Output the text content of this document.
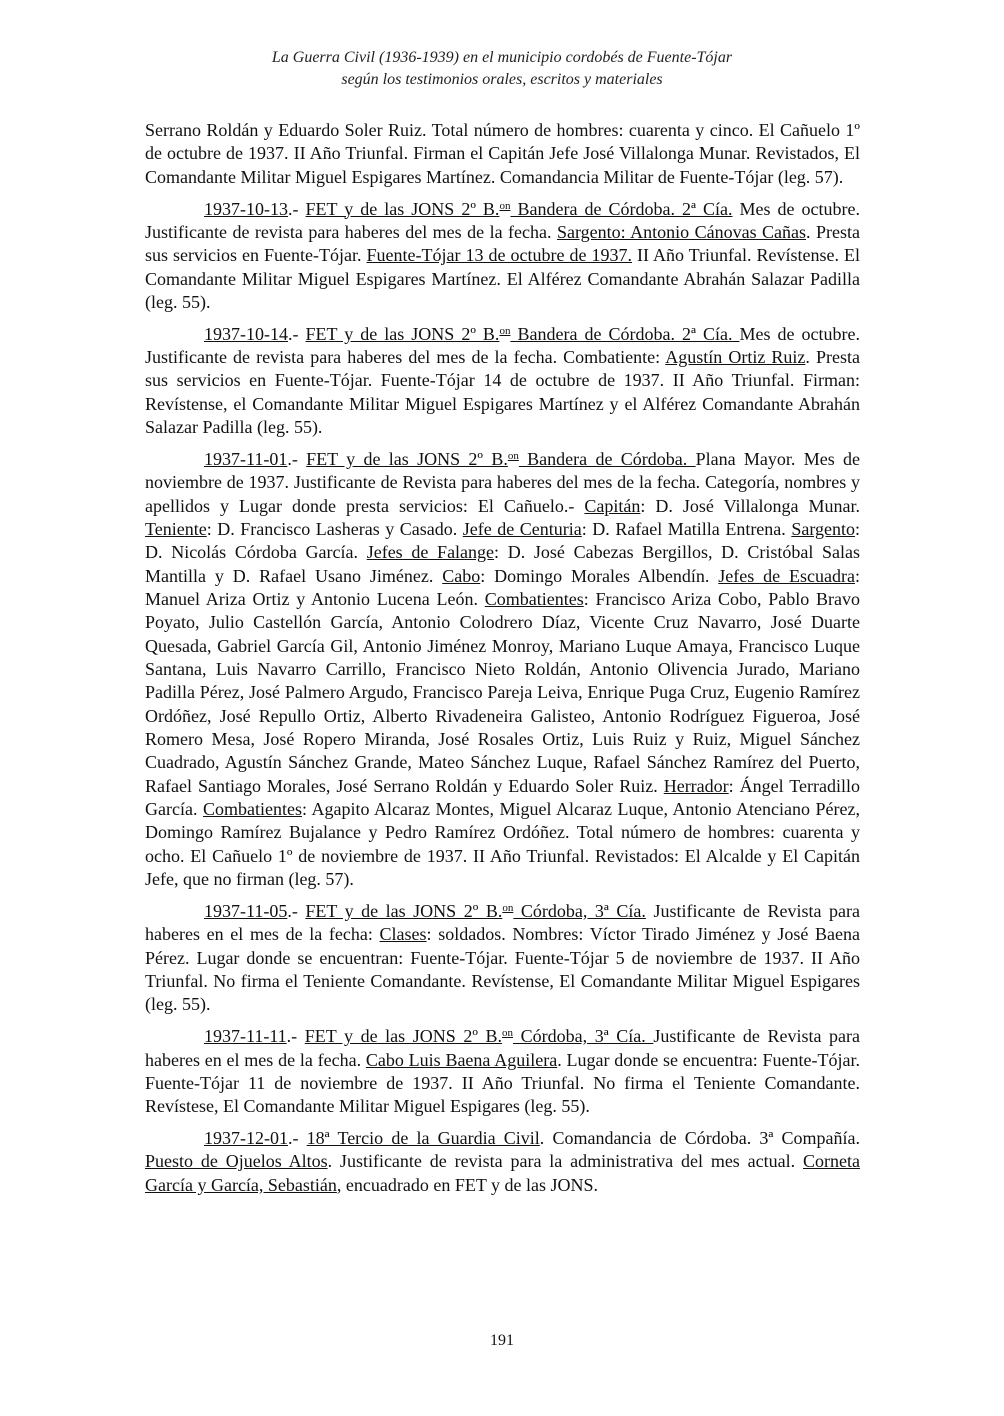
La Guerra Civil (1936-1939) en el municipio cordobés de Fuente-Tójar
según los testimonios orales, escritos y materiales

Serrano Roldán y Eduardo Soler Ruiz. Total número de hombres: cuarenta y cinco. El Cañuelo 1º de octubre de 1937. II Año Triunfal. Firman el Capitán Jefe José Villalonga Munar. Revistados, El Comandante Militar Miguel Espigares Martínez. Comandancia Militar de Fuente-Tójar (leg. 57).

1937-10-13.- FET y de las JONS 2º B.$^{on}$ Bandera de Córdoba. 2ª Cía. Mes de octubre. Justificante de revista para haberes del mes de la fecha. Sargento: Antonio Cánovas Cañas. Presta sus servicios en Fuente-Tójar. Fuente-Tójar 13 de octubre de 1937. II Año Triunfal. Revístense. El Comandante Militar Miguel Espigares Martínez. El Alférez Comandante Abrahán Salazar Padilla (leg. 55).

1937-10-14.- FET y de las JONS 2º B.$^{on}$ Bandera de Córdoba. 2ª Cía. Mes de octubre. Justificante de revista para haberes del mes de la fecha. Combatiente: Agustín Ortiz Ruiz. Presta sus servicios en Fuente-Tójar. Fuente-Tójar 14 de octubre de 1937. II Año Triunfal. Firman: Revístense, el Comandante Militar Miguel Espigares Martínez y el Alférez Comandante Abrahán Salazar Padilla (leg. 55).

1937-11-01.- FET y de las JONS 2º B.$^{on}$ Bandera de Córdoba. Plana Mayor. Mes de noviembre de 1937. Justificante de Revista para haberes del mes de la fecha. Categoría, nombres y apellidos y Lugar donde presta servicios: El Cañuelo.- Capitán: D. José Villalonga Munar. Teniente: D. Francisco Lasheras y Casado. Jefe de Centuria: D. Rafael Matilla Entrena. Sargento: D. Nicolás Córdoba García. Jefes de Falange: D. José Cabezas Bergillos, D. Cristóbal Salas Mantilla y D. Rafael Usano Jiménez. Cabo: Domingo Morales Albendín. Jefes de Escuadra: Manuel Ariza Ortiz y Antonio Lucena León. Combatientes: Francisco Ariza Cobo, Pablo Bravo Poyato, Julio Castellón García, Antonio Colodrero Díaz, Vicente Cruz Navarro, José Duarte Quesada, Gabriel García Gil, Antonio Jiménez Monroy, Mariano Luque Amaya, Francisco Luque Santana, Luis Navarro Carrillo, Francisco Nieto Roldán, Antonio Olivencia Jurado, Mariano Padilla Pérez, José Palmero Argudo, Francisco Pareja Leiva, Enrique Puga Cruz, Eugenio Ramírez Ordóñez, José Repullo Ortiz, Alberto Rivadeneira Galisteo, Antonio Rodríguez Figueroa, José Romero Mesa, José Ropero Miranda, José Rosales Ortiz, Luis Ruiz y Ruiz, Miguel Sánchez Cuadrado, Agustín Sánchez Grande, Mateo Sánchez Luque, Rafael Sánchez Ramírez del Puerto, Rafael Santiago Morales, José Serrano Roldán y Eduardo Soler Ruiz. Herrador: Ángel Terradillo García. Combatientes: Agapito Alcaraz Montes, Miguel Alcaraz Luque, Antonio Atenciano Pérez, Domingo Ramírez Bujalance y Pedro Ramírez Ordóñez. Total número de hombres: cuarenta y ocho. El Cañuelo 1º de noviembre de 1937. II Año Triunfal. Revistados: El Alcalde y El Capitán Jefe, que no firman (leg. 57).

1937-11-05.- FET y de las JONS 2º B.$^{on}$ Córdoba, 3ª Cía. Justificante de Revista para haberes en el mes de la fecha: Clases: soldados. Nombres: Víctor Tirado Jiménez y José Baena Pérez. Lugar donde se encuentran: Fuente-Tójar. Fuente-Tójar 5 de noviembre de 1937. II Año Triunfal. No firma el Teniente Comandante. Revístense, El Comandante Militar Miguel Espigares (leg. 55).

1937-11-11.- FET y de las JONS 2º B.$^{on}$ Córdoba, 3ª Cía. Justificante de Revista para haberes en el mes de la fecha. Cabo Luis Baena Aguilera. Lugar donde se encuentra: Fuente-Tójar. Fuente-Tójar 11 de noviembre de 1937. II Año Triunfal. No firma el Teniente Comandante. Revístese, El Comandante Militar Miguel Espigares (leg. 55).

1937-12-01.- 18ª Tercio de la Guardia Civil. Comandancia de Córdoba. 3ª Compañía. Puesto de Ojuelos Altos. Justificante de revista para la administrativa del mes actual. Corneta García y García, Sebastián, encuadrado en FET y de las JONS.

191
